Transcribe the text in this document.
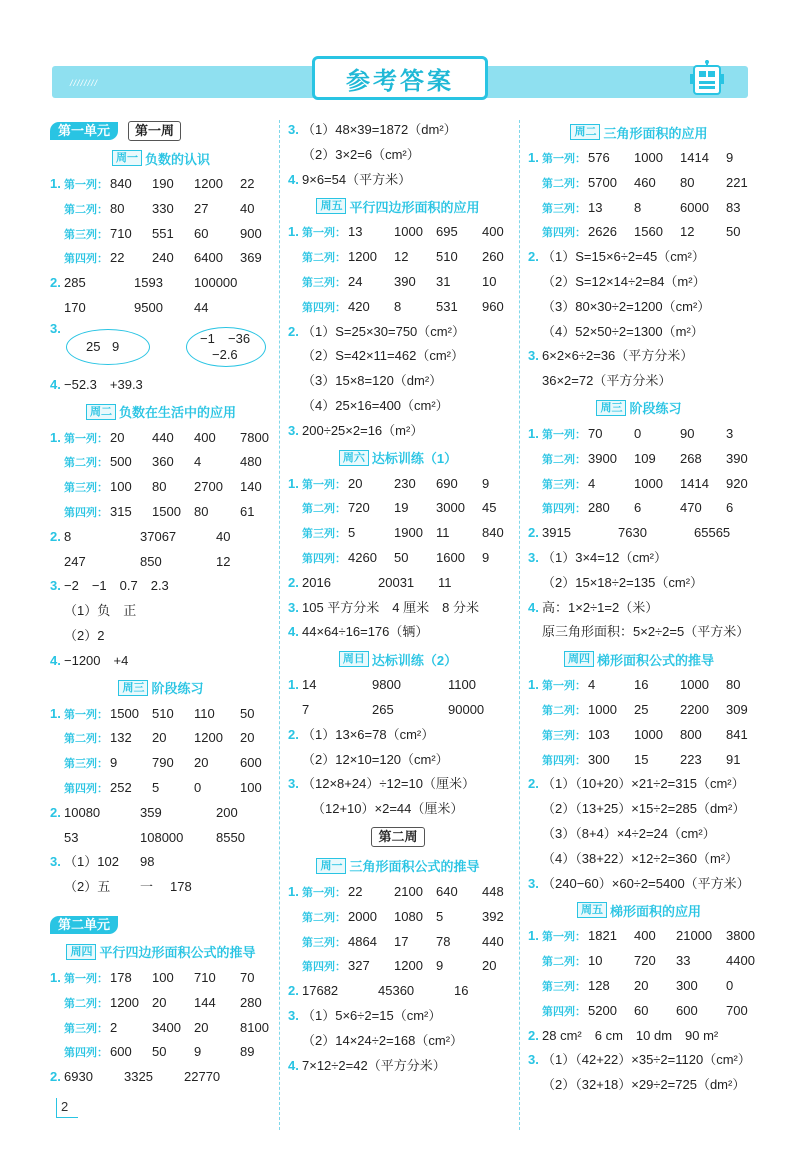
////////	参考答案
第一单元	第一周
周一 负数的认识
1. 第一列： 840 190 1200 22
第二列： 80 330 27 40
第三列： 710 551 60 900
第四列： 22 240 6400 369
2. 285	1593 100000
170	9500 44
3.
25 9
−1 −36
−2.6
4. −52.3　+39.3
周二 负数在生活中的应用
1. 第一列： 20 440 400 7800
第二列： 500 360 4	480
第三列： 100 80 2700 140
第四列： 315 1500 80 61
2. 8	37067	40
247	850	12
3. −2　−1　0.7　2.3
（1）负　正
（2）2
4. −1200　+4
周三 阶段练习
1. 第一列： 1500 510 110 50
第二列： 132 20 1200 20
第三列： 9	790 20 600
第四列： 252 5	0	100
2. 10080	359	200
53	108000	8550
3. （1）102 98
（2）五 一 178
第二单元
周四 平行四边形面积公式的推导
1. 第一列： 178 100 710 70
第二列： 1200 20 144 280
第三列： 2	3400 20 8100
第四列： 600 50 9	89
2. 6930 3325 22770
3. （1）48×39=1872（dm²）
（2）3×2=6（cm²）
4. 9×6=54（平方米）
周五 平行四边形面积的应用
1. 第一列： 13 1000 695 400
第二列： 1200 12 510 260
第三列： 24 390 31 10
第四列： 420 8	531 960
2. （1）S=25×30=750（cm²）
（2）S=42×11=462（cm²）
（3）15×8=120（dm²）
（4）25×16=400（cm²）
3. 200÷25×2=16（m²）
周六 达标训练（1）
1. 第一列： 20 230 690 9
第二列： 720 19 3000 45
第三列： 5	1900 11	840
第四列： 4260 50 1600 9
2. 2016	20031 11
3. 105 平方分米　4 厘米　8 分米
4. 44×64÷16=176（辆）
周日 达标训练（2）
1. 14	9800	1100
7	265	90000
2. （1）13×6=78（cm²）
（2）12×10=120（cm²）
3. （12×8+24）÷12=10（厘米）
（12+10）×2=44（厘米）
第二周
周一 三角形面积公式的推导
1. 第一列： 22 2100 640 448
第二列： 2000 1080 5	392
第三列： 4864 17 78 440
第四列： 327 1200 9	20
2. 17682	45360	16
3. （1）5×6÷2=15（cm²）
（2）14×24÷2=168（cm²）
4. 7×12÷2=42（平方分米）
周二 三角形面积的应用
1. 第一列： 576 1000 1414 9
第二列： 5700 460 80 221
第三列： 13 8	6000 83
第四列： 2626 1560 12 50
2. （1）S=15×6÷2=45（cm²）
（2）S=12×14÷2=84（m²）
（3）80×30÷2=1200（cm²）
（4）52×50÷2=1300（m²）
3. 6×2×6÷2=36（平方分米）
36×2=72（平方分米）
周三 阶段练习
1. 第一列： 70 0	90 3
第二列： 3900 109 268 390
第三列： 4	1000 1414 920
第四列： 280 6	470 6
2. 3915	7630	65565
3. （1）3×4=12（cm²）
（2）15×18÷2=135（cm²）
4. 高：1×2÷1=2（米）
原三角形面积：5×2÷2=5（平方米）
周四 梯形面积公式的推导
1. 第一列： 4	16 1000 80
第二列： 1000 25 2200 309
第三列： 103 1000 800 841
第四列： 300 15 223 91
2. （1）（10+20）×21÷2=315（cm²）
（2）（13+25）×15÷2=285（dm²）
（3）（8+4）×4÷2=24（cm²）
（4）（38+22）×12÷2=360（m²）
3. （240−60）×60÷2=5400（平方米）
周五 梯形面积的应用
1. 第一列： 1821 400 21000 3800
第二列： 10 720 33	4400
第三列： 128 20 300 0
第四列： 5200 60 600 700
2. 28 cm²　6 cm　10 dm　90 m²
3. （1）（42+22）×35÷2=1120（cm²）
（2）（32+18）×29÷2=725（dm²）
2
